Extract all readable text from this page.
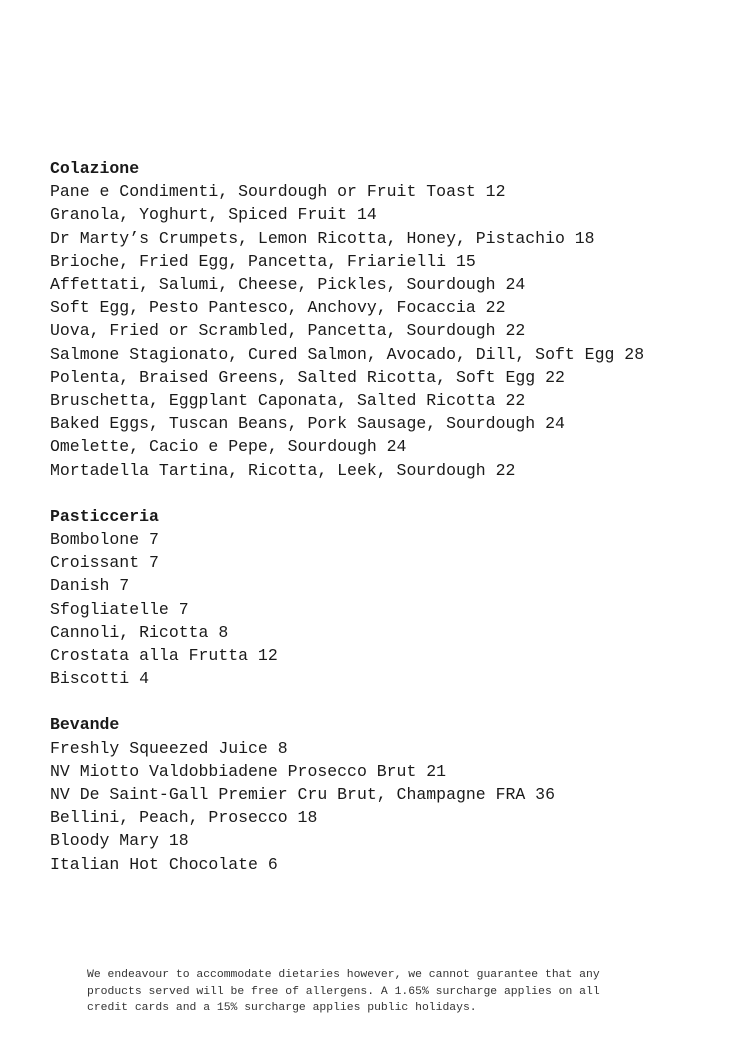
Colazione

Pane e Condimenti, Sourdough or Fruit Toast 12

Granola, Yoghurt, Spiced Fruit 14

Dr Marty’s Crumpets, Lemon Ricotta, Honey, Pistachio 18

Brioche, Fried Egg, Pancetta, Friarielli 15

Affettati, Salumi, Cheese, Pickles, Sourdough 24

Soft Egg, Pesto Pantesco, Anchovy, Focaccia 22

Uova, Fried or Scrambled, Pancetta, Sourdough 22

Salmone Stagionato, Cured Salmon, Avocado, Dill, Soft Egg 28

Polenta, Braised Greens, Salted Ricotta, Soft Egg 22

Bruschetta, Eggplant Caponata, Salted Ricotta 22

Baked Eggs, Tuscan Beans, Pork Sausage, Sourdough 24

Omelette, Cacio e Pepe, Sourdough 24

Mortadella Tartina, Ricotta, Leek, Sourdough 22

Pasticceria

Bombolone 7

Croissant 7

Danish 7

Sfogliatelle 7

Cannoli, Ricotta 8

Crostata alla Frutta 12

Biscotti 4

Bevande

Freshly Squeezed Juice 8

NV Miotto Valdobbiadene Prosecco Brut 21

NV De Saint-Gall Premier Cru Brut, Champagne FRA 36

Bellini, Peach, Prosecco 18

Bloody Mary 18

Italian Hot Chocolate 6

We endeavour to accommodate dietaries however, we cannot guarantee that any

products served will be free of allergens. A 1.65% surcharge applies on all

credit cards and a 15% surcharge applies public holidays.
